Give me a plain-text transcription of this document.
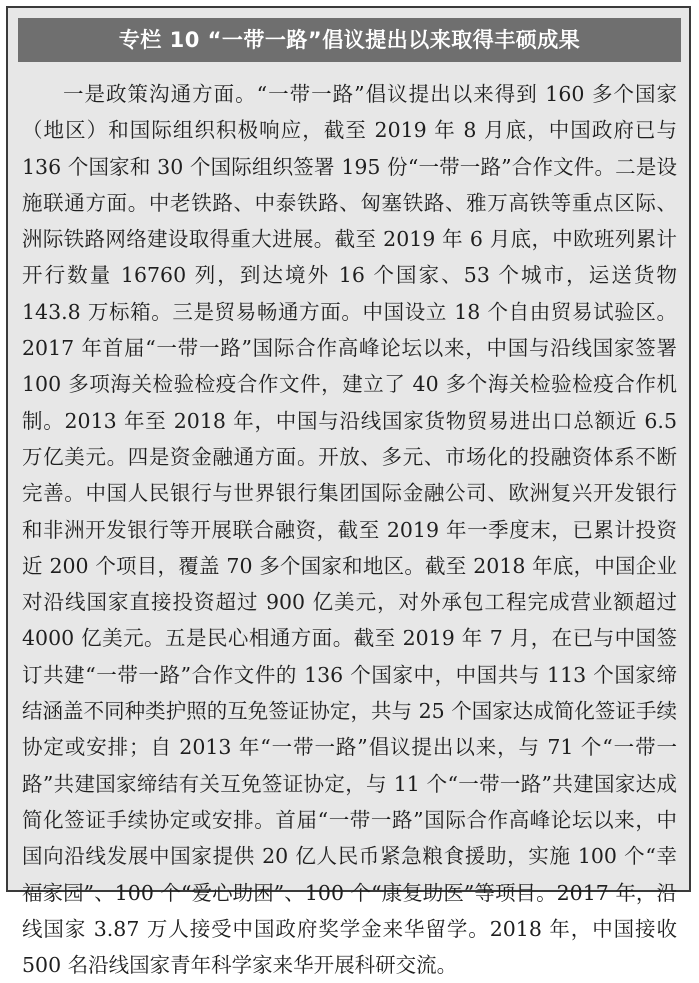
专栏 10 “一带一路”倡议提出以来取得丰硕成果

一是政策沟通方面。“一带一路”倡议提出以来得到 160 多个国家（地区）和国际组织积极响应，截至 2019 年 8 月底，中国政府已与 136 个国家和 30 个国际组织签署 195 份“一带一路”合作文件。二是设施联通方面。中老铁路、中泰铁路、匈塞铁路、雅万高铁等重点区际、洲际铁路网络建设取得重大进展。截至 2019 年 6 月底，中欧班列累计开行数量 16760 列，到达境外 16 个国家、53 个城市，运送货物 143.8 万标箱。三是贸易畅通方面。中国设立 18 个自由贸易试验区。2017 年首届“一带一路”国际合作高峰论坛以来，中国与沿线国家签署 100 多项海关检验检疫合作文件，建立了 40 多个海关检验检疫合作机制。2013 年至 2018 年，中国与沿线国家货物贸易进出口总额近 6.5 万亿美元。四是资金融通方面。开放、多元、市场化的投融资体系不断完善。中国人民银行与世界银行集团国际金融公司、欧洲复兴开发银行和非洲开发银行等开展联合融资，截至 2019 年一季度末，已累计投资近 200 个项目，覆盖 70 多个国家和地区。截至 2018 年底，中国企业对沿线国家直接投资超过 900 亿美元，对外承包工程完成营业额超过 4000 亿美元。五是民心相通方面。截至 2019 年 7 月，在已与中国签订共建“一带一路”合作文件的 136 个国家中，中国共与 113 个国家缔结涵盖不同种类护照的互免签证协定，共与 25 个国家达成简化签证手续协定或安排；自 2013 年“一带一路”倡议提出以来，与 71 个“一带一路”共建国家缔结有关互免签证协定，与 11 个“一带一路”共建国家达成简化签证手续协定或安排。首届“一带一路”国际合作高峰论坛以来，中国向沿线发展中国家提供 20 亿人民币紧急粮食援助，实施 100 个“幸福家园”、100 个“爱心助困”、100 个“康复助医”等项目。2017 年，沿线国家 3.87 万人接受中国政府奖学金来华留学。2018 年，中国接收 500 名沿线国家青年科学家来华开展科研交流。
